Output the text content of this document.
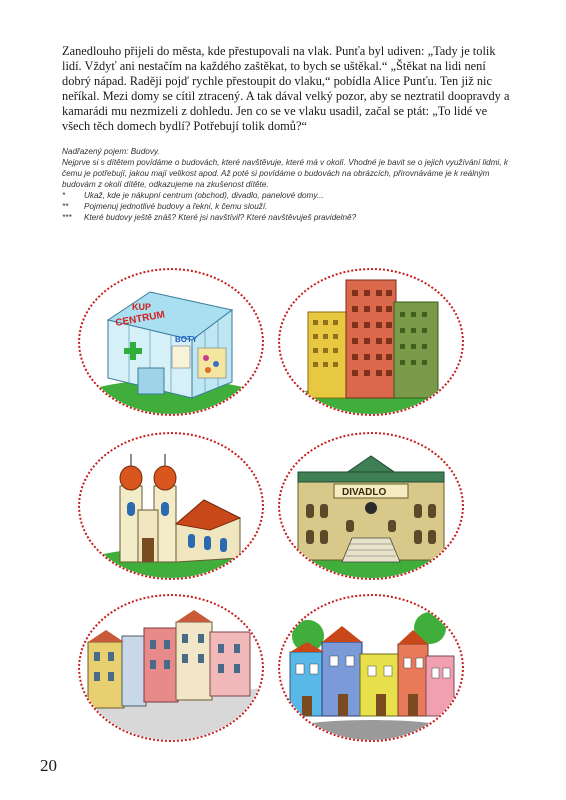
Zanedlouho přijeli do města, kde přestupovali na vlak. Punťa byl udiven: „Tady je tolik lidí. Vždyť ani nestačím na každého zaštěkat, to bych se uštěkal.“ „Štěkat na lidi není dobrý nápad. Raději pojď rychle přestoupit do vlaku,“ pobídla Alice Punťu. Ten již nic neříkal. Mezi domy se cítil ztracený. A tak dával velký pozor, aby se neztratil doopravdy a kamarádi mu nezmizeli z dohledu. Jen co se ve vlaku usadil, začal se ptát: „To lidé ve všech těch domech bydlí? Potřebují tolik domů?“

Nadřazený pojem: Budovy.

Nejprve si s dítětem povídáme o budovách, které navštěvuje, které má v okolí. Vhodné je bavit se o jejich využívání lidmi, k čemu je potřebují, jakou mají velikost apod. Až poté si povídáme o budovách na obrázcích, přirovnáváme je k reálným budovám z okolí dítěte, odkazujeme na zkušenost dítěte.

*	Ukaž, kde je nákupní centrum (obchod), divadlo, panelové domy...
**	Pojmenuj jednotlivé budovy a řekni, k čemu slouží.
***	Které budovy ještě znáš? Které jsi navštívil? Které navštěvuješ pravidelně?
BOTY
KUP
CENTRUM
DIVADLO
20
